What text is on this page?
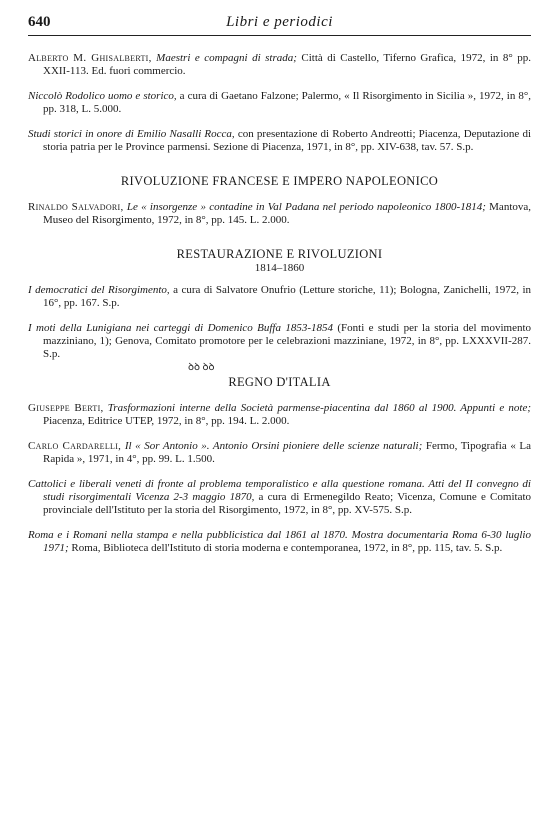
640	Libri e periodici

Alberto M. Ghisalberti, Maestri e compagni di strada; Città di Castello, Tiferno Grafica, 1972, in 8° pp. XXII-113. Ed. fuori commercio.

Niccolò Rodolico uomo e storico, a cura di Gaetano Falzone; Palermo, « Il Risorgimento in Sicilia », 1972, in 8°, pp. 318, L. 5.000.

Studi storici in onore di Emilio Nasalli Rocca, con presentazione di Roberto Andreotti; Piacenza, Deputazione di storia patria per le Province parmensi. Sezione di Piacenza, 1971, in 8°, pp. XIV-638, tav. 57. S.p.

RIVOLUZIONE FRANCESE E IMPERO NAPOLEONICO

Rinaldo Salvadori, Le « insorgenze » contadine in Val Padana nel periodo napoleonico 1800-1814; Mantova, Museo del Risorgimento, 1972, in 8°, pp. 145. L. 2.000.

RESTAURAZIONE E RIVOLUZIONI

1814–1860

I democratici del Risorgimento, a cura di Salvatore Onufrio (Letture storiche, 11); Bologna, Zanichelli, 1972, in 16°, pp. 167. S.p.

I moti della Lunigiana nei carteggi di Domenico Buffa 1853-1854 (Fonti e studi per la storia del movimento mazziniano, 1); Genova, Comitato promotore per le celebrazioni mazziniane, 1972, in 8°, pp. LXXXVII-287. S.p.

ꝺꝺ ꝺꝺ

REGNO D'ITALIA

Giuseppe Berti, Trasformazioni interne della Società parmense-piacentina dal 1860 al 1900. Appunti e note; Piacenza, Editrice UTEP, 1972, in 8°, pp. 194. L. 2.000.

Carlo Cardarelli, Il « Sor Antonio ». Antonio Orsini pioniere delle scienze naturali; Fermo, Tipografia « La Rapida », 1971, in 4°, pp. 99. L. 1.500.

Cattolici e liberali veneti di fronte al problema temporalistico e alla questione romana. Atti del II convegno di studi risorgimentali Vicenza 2-3 maggio 1870, a cura di Ermenegildo Reato; Vicenza, Comune e Comitato provinciale dell'Istituto per la storia del Risorgimento, 1972, in 8°, pp. XV-575. S.p.

Roma e i Romani nella stampa e nella pubblicistica dal 1861 al 1870. Mostra documentaria Roma 6-30 luglio 1971; Roma, Biblioteca dell'Istituto di storia moderna e contemporanea, 1972, in 8°, pp. 115, tav. 5. S.p.
